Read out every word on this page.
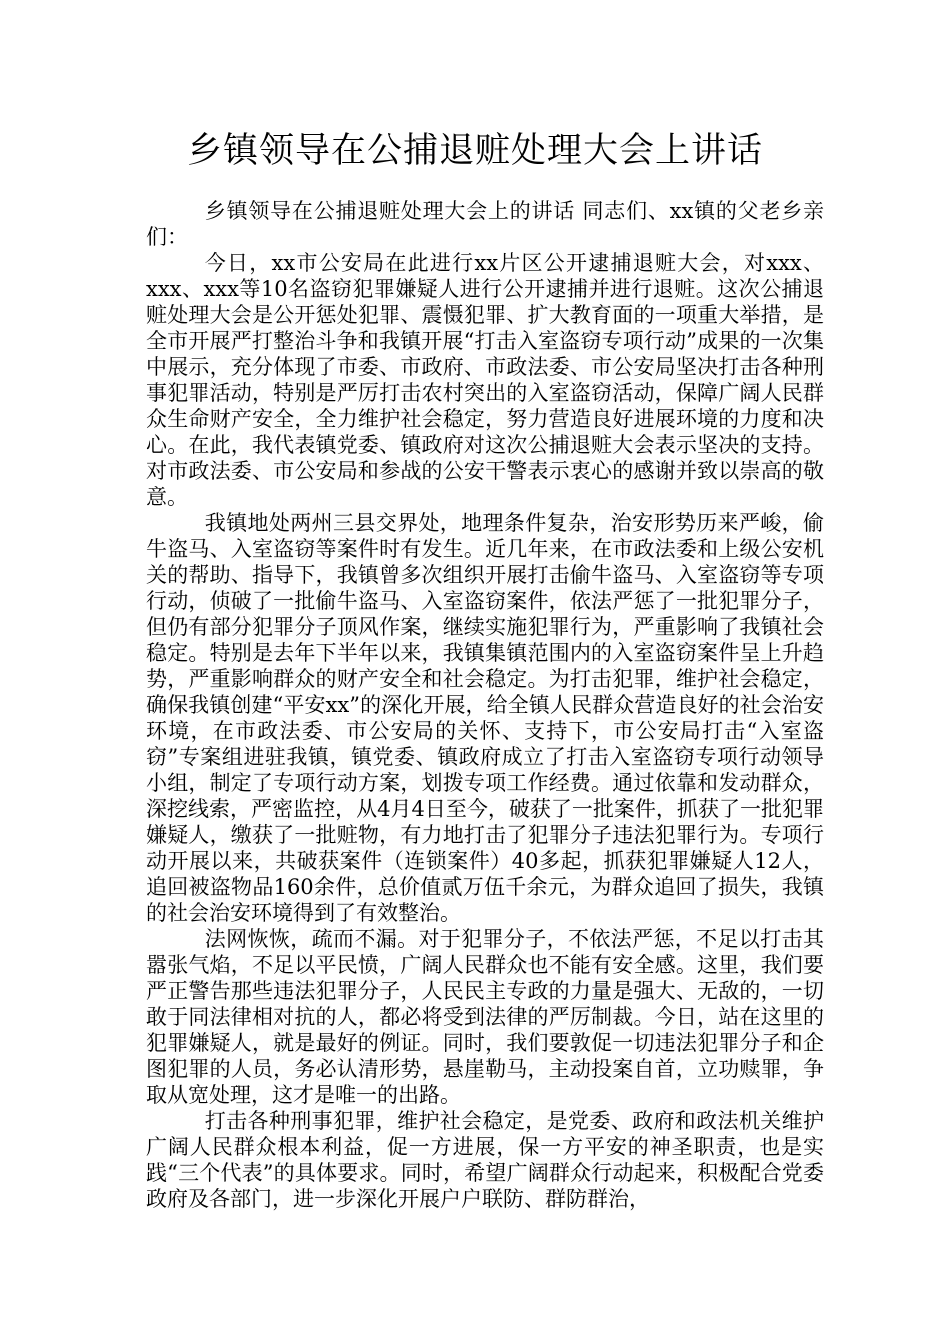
乡镇领导在公捕退赃处理大会上讲话

乡镇领导在公捕退赃处理大会上的讲话 同志们、xx镇的父老乡亲们：

今日，xx市公安局在此进行xx片区公开逮捕退赃大会，对xxx、xxx、xxx等10名盗窃犯罪嫌疑人进行公开逮捕并进行退赃。这次公捕退赃处理大会是公开惩处犯罪、震慑犯罪、扩大教育面的一项重大举措，是全市开展严打整治斗争和我镇开展“打击入室盗窃专项行动”成果的一次集中展示，充分体现了市委、市政府、市政法委、市公安局坚决打击各种刑事犯罪活动，特别是严厉打击农村突出的入室盗窃活动，保障广阔人民群众生命财产安全，全力维护社会稳定，努力营造良好进展环境的力度和决心。在此，我代表镇党委、镇政府对这次公捕退赃大会表示坚决的支持。对市政法委、市公安局和参战的公安干警表示衷心的感谢并致以崇高的敬意。

我镇地处两州三县交界处，地理条件复杂，治安形势历来严峻，偷牛盗马、入室盗窃等案件时有发生。近几年来，在市政法委和上级公安机关的帮助、指导下，我镇曾多次组织开展打击偷牛盗马、入室盗窃等专项行动，侦破了一批偷牛盗马、入室盗窃案件，依法严惩了一批犯罪分子，但仍有部分犯罪分子顶风作案，继续实施犯罪行为，严重影响了我镇社会稳定。特别是去年下半年以来，我镇集镇范围内的入室盗窃案件呈上升趋势，严重影响群众的财产安全和社会稳定。为打击犯罪，维护社会稳定，确保我镇创建“平安xx”的深化开展，给全镇人民群众营造良好的社会治安环境，在市政法委、市公安局的关怀、支持下，市公安局打击“入室盗窃”专案组进驻我镇，镇党委、镇政府成立了打击入室盗窃专项行动领导小组，制定了专项行动方案，划拨专项工作经费。通过依靠和发动群众，深挖线索，严密监控，从4月4日至今，破获了一批案件，抓获了一批犯罪嫌疑人，缴获了一批赃物，有力地打击了犯罪分子违法犯罪行为。专项行动开展以来，共破获案件（连锁案件）40多起，抓获犯罪嫌疑人12人，追回被盗物品160余件，总价值贰万伍千余元，为群众追回了损失，我镇的社会治安环境得到了有效整治。

法网恢恢，疏而不漏。对于犯罪分子，不依法严惩，不足以打击其嚣张气焰，不足以平民愤，广阔人民群众也不能有安全感。这里，我们要严正警告那些违法犯罪分子，人民民主专政的力量是强大、无敌的，一切敢于同法律相对抗的人，都必将受到法律的严厉制裁。今日，站在这里的犯罪嫌疑人，就是最好的例证。同时，我们要敦促一切违法犯罪分子和企图犯罪的人员，务必认清形势，悬崖勒马，主动投案自首，立功赎罪，争取从宽处理，这才是唯一的出路。

打击各种刑事犯罪，维护社会稳定，是党委、政府和政法机关维护广阔人民群众根本利益，促一方进展，保一方平安的神圣职责，也是实践“三个代表”的具体要求。同时，希望广阔群众行动起来，积极配合党委政府及各部门，进一步深化开展户户联防、群防群治，
